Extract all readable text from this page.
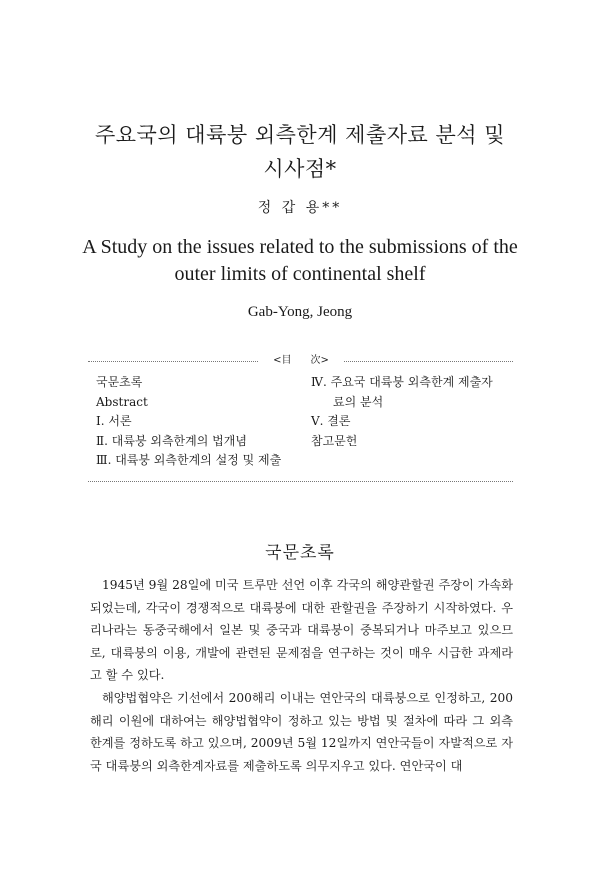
주요국의 대륙붕 외측한계 제출자료 분석 및
시사점*
정 갑 용**
A Study on the issues related to the submissions of the
outer limits of continental shelf
Gab-Yong, Jeong
<目      次>
국문초록
Abstract
Ⅰ. 서론
Ⅱ. 대륙붕 외측한계의 법개념
Ⅲ. 대륙붕 외측한계의 설정 및 제출
Ⅳ. 주요국 대륙붕 외측한계 제출자
료의 분석
Ⅴ. 결론
참고문헌
국문초록

1945년 9월 28일에 미국 트루만 선언 이후 각국의 해양관할권 주장이 가속화되었는데, 각국이 경쟁적으로 대륙붕에 대한 관할권을 주장하기 시작하였다. 우리나라는 동중국해에서 일본 및 중국과 대륙붕이 중복되거나 마주보고 있으므로, 대륙붕의 이용, 개발에 관련된 문제점을 연구하는 것이 매우 시급한 과제라고 할 수 있다.

해양법협약은 기선에서 200해리 이내는 연안국의 대륙붕으로 인정하고, 200해리 이원에 대하여는 해양법협약이 정하고 있는 방법 및 절차에 따라 그 외측 한계를 정하도록 하고 있으며, 2009년 5월 12일까지 연안국들이 자발적으로 자국 대륙붕의 외측한계자료를 제출하도록 의무지우고 있다. 연안국이 대
